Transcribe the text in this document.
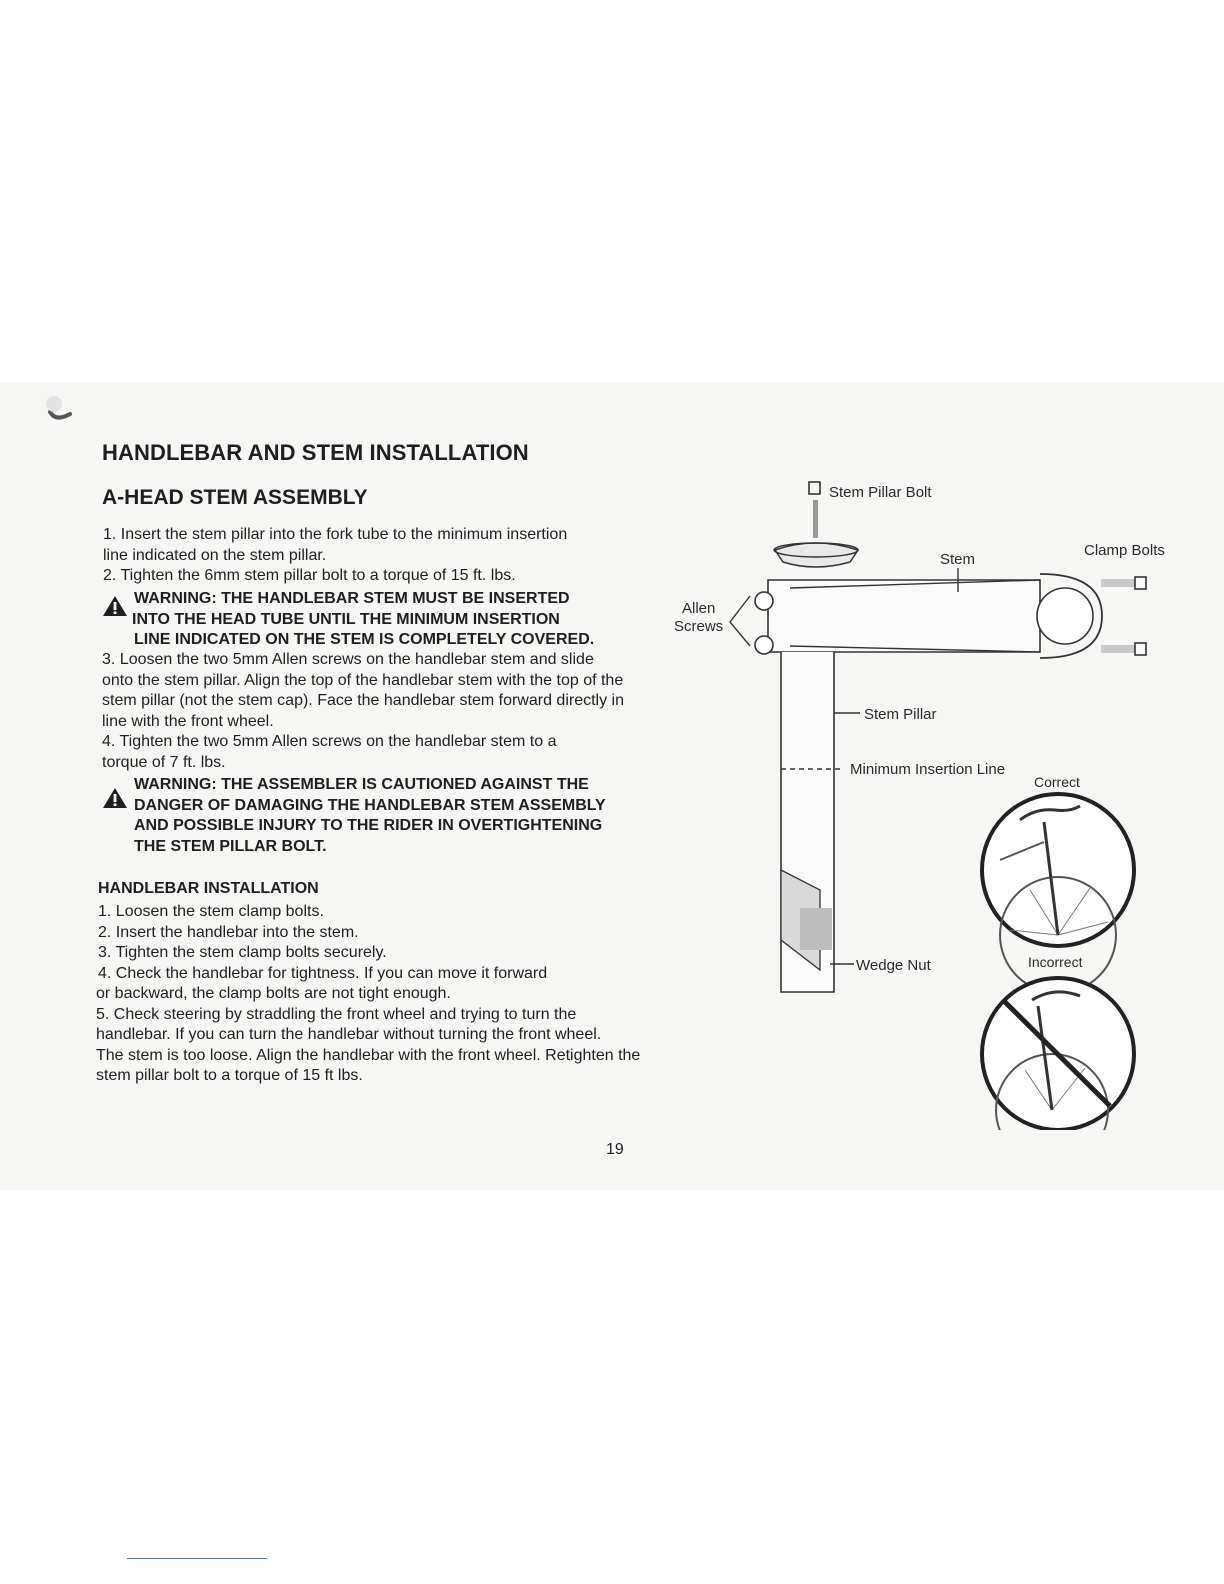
HANDLEBAR AND STEM INSTALLATION
A-HEAD STEM ASSEMBLY
1. Insert the stem pillar into the fork tube to the minimum insertion
line indicated on the stem pillar.
2. Tighten the 6mm stem pillar bolt to a torque of 15 ft. lbs.
WARNING: THE HANDLEBAR STEM MUST BE INSERTED
INTO THE HEAD TUBE UNTIL THE MINIMUM INSERTION
LINE INDICATED ON THE STEM IS COMPLETELY COVERED.
3. Loosen the two 5mm Allen screws on the handlebar stem and slide
onto the stem pillar. Align the top of the handlebar stem with the top of the
stem pillar (not the stem cap). Face the handlebar stem forward directly in
line with the front wheel.
4. Tighten the two 5mm Allen screws on the handlebar stem to a
torque of 7 ft. lbs.
WARNING: THE ASSEMBLER IS CAUTIONED AGAINST THE
DANGER OF DAMAGING THE HANDLEBAR STEM ASSEMBLY
AND POSSIBLE INJURY TO THE RIDER IN OVERTIGHTENING
THE STEM PILLAR BOLT.
HANDLEBAR INSTALLATION
1. Loosen the stem clamp bolts.
2. Insert the handlebar into the stem.
3. Tighten the stem clamp bolts securely.
4. Check the handlebar for tightness. If you can move it forward
or backward, the clamp bolts are not tight enough.
5. Check steering by straddling the front wheel and trying to turn the
handlebar. If you can turn the handlebar without turning the front wheel.
The stem is too loose. Align the handlebar with the front wheel. Retighten the
stem pillar bolt to a torque of 15 ft lbs.
Stem Pillar Bolt
Allen
Screws
Stem
Clamp Bolts
Stem Pillar
Minimum Insertion Line
Wedge Nut
Correct
Incorrect
19
